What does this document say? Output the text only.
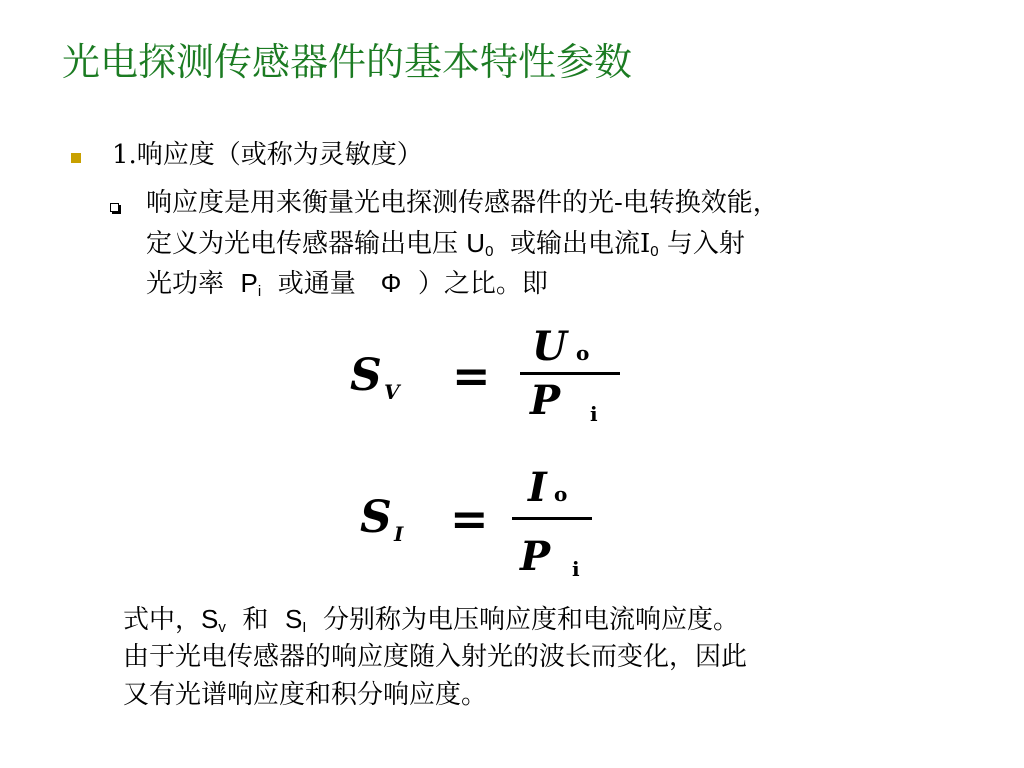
光电探测传感器件的基本特性参数
1.响应度（或称为灵敏度）
响应度是用来衡量光电探测传感器件的光-电转换效能，
定义为光电传感器输出电压 $U_0$ 或输出电流$I_0$ 与入射
光功率 $P_i$ 或通量 Φ ）之比。即
S V
U o
P i
=
S I
I o
P i
=
式中，$S_v$ 和 $S_I$ 分别称为电压响应度和电流响应度。
由于光电传感器的响应度随入射光的波长而变化，因此
又有光谱响应度和积分响应度。
